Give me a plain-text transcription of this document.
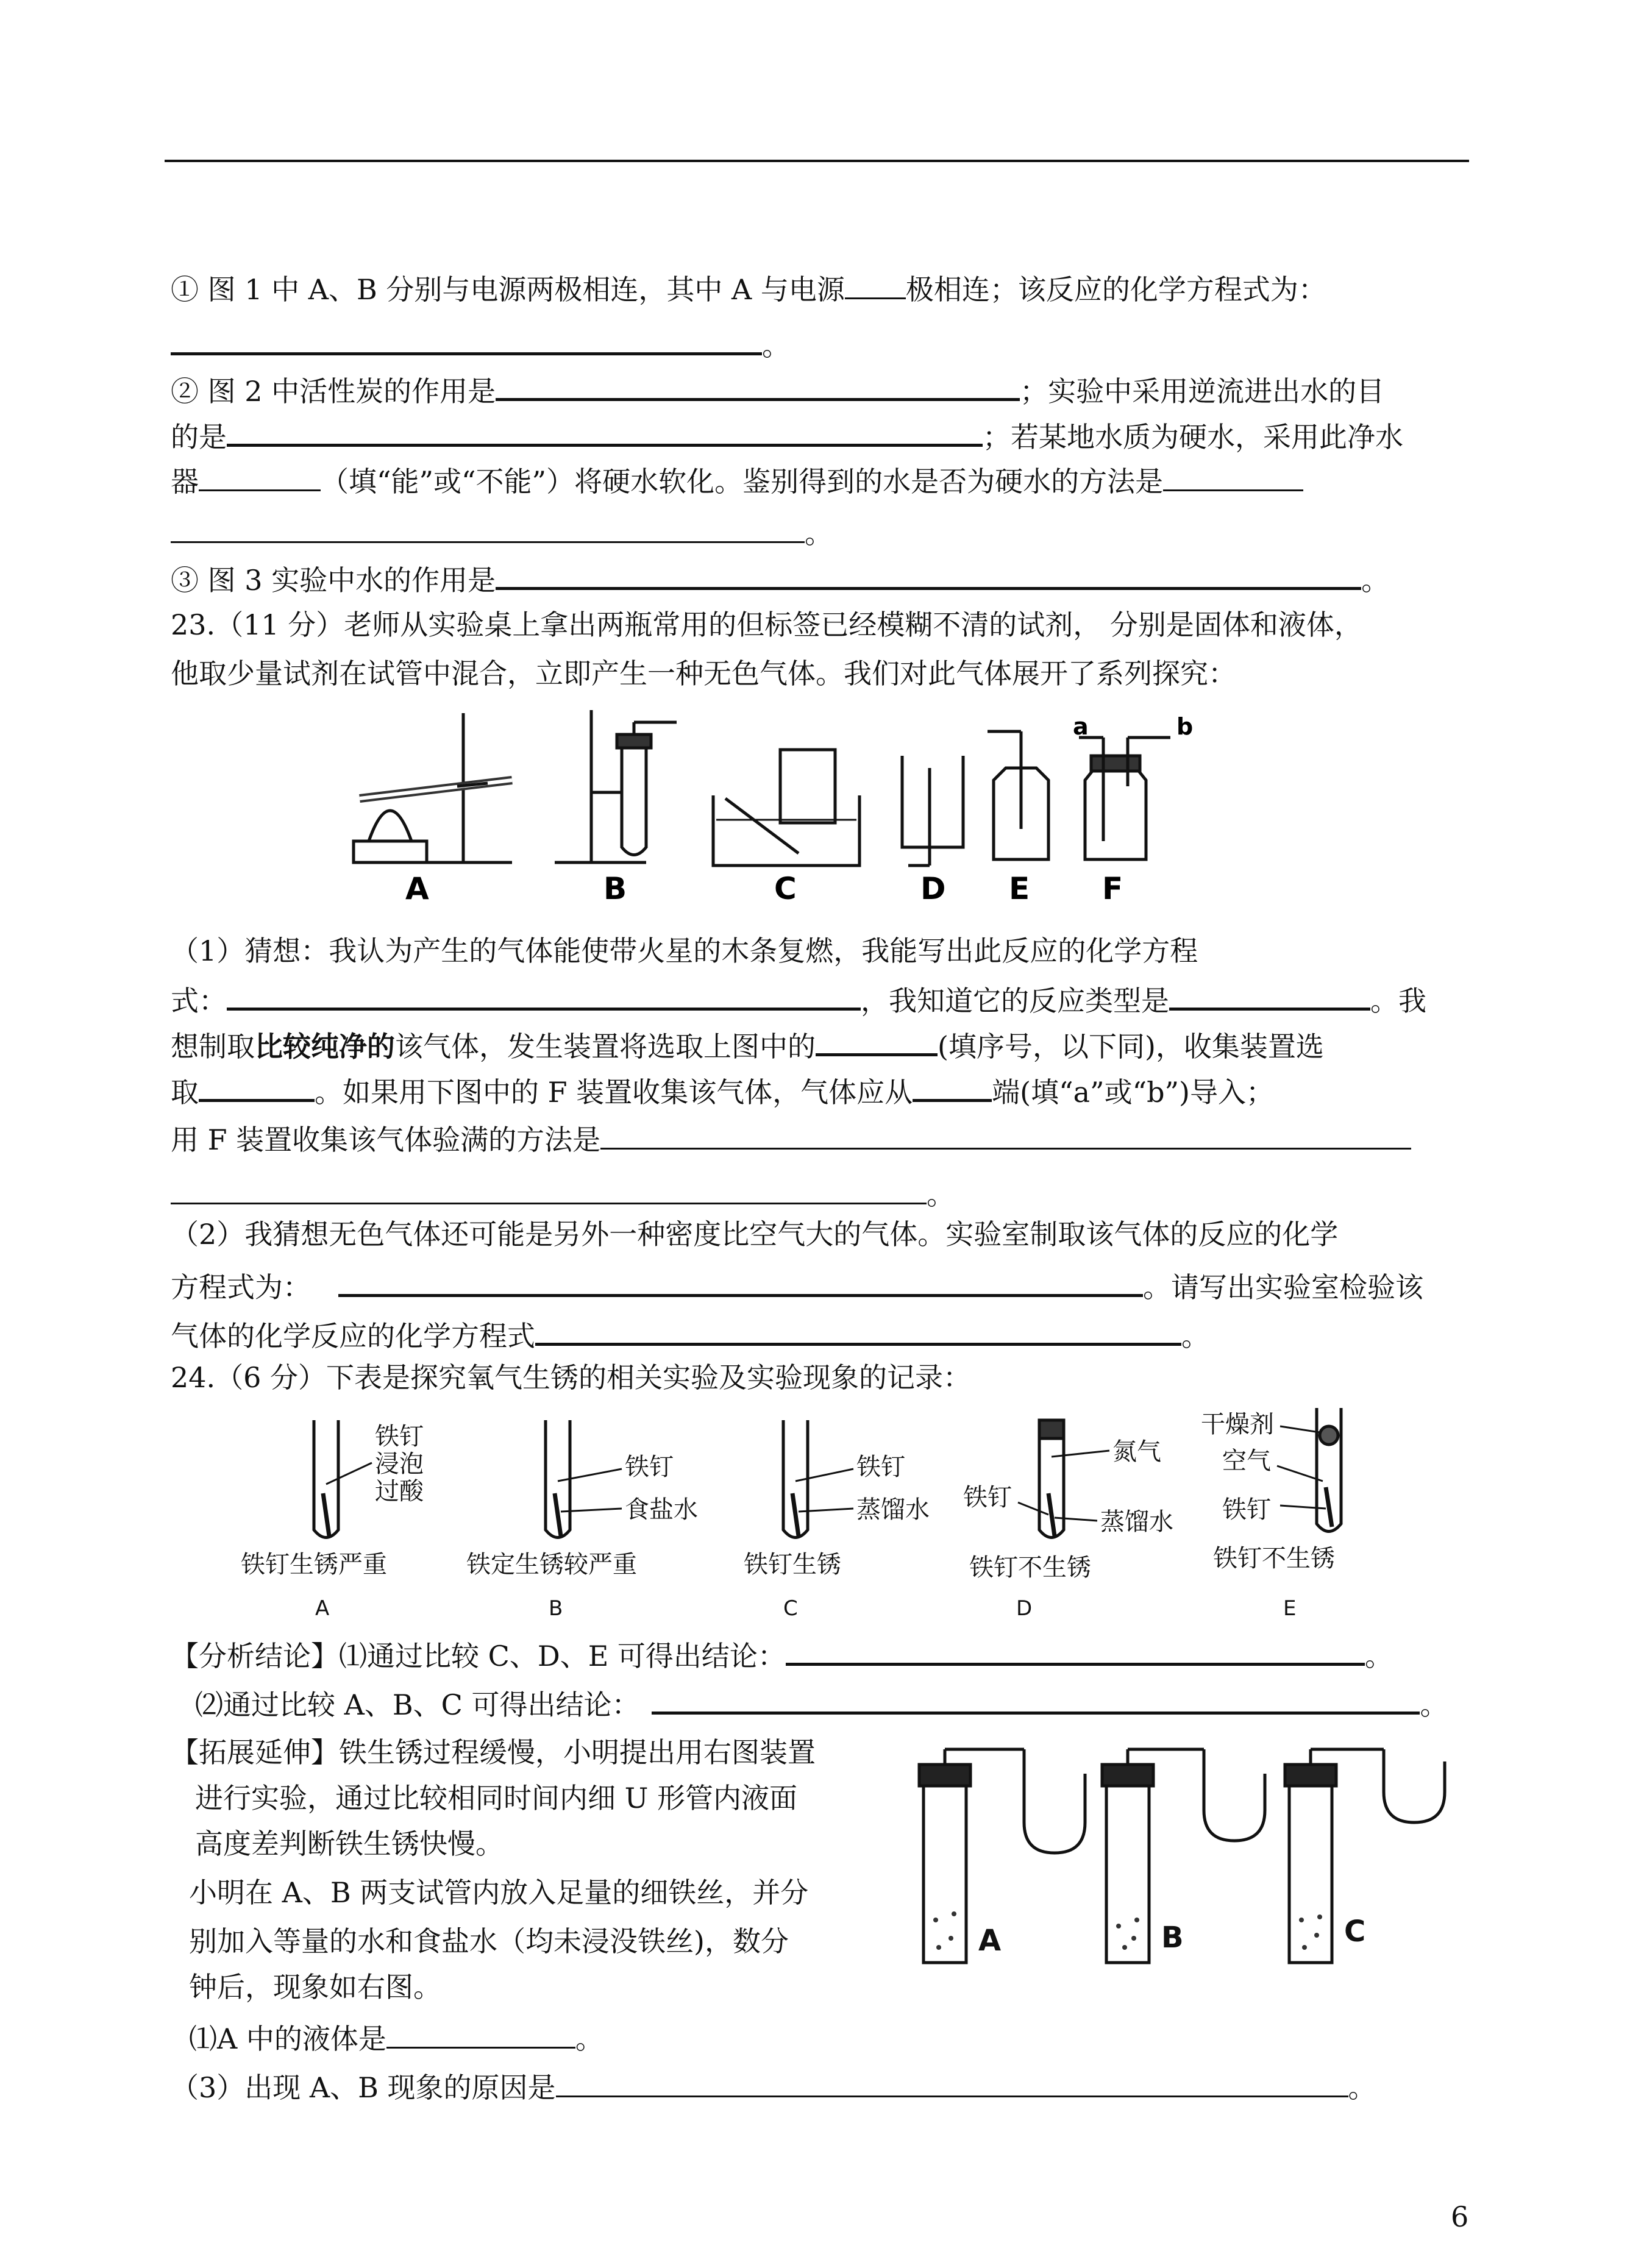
① 图 1 中 A、B 分别与电源两极相连，其中 A 与电源 极相连；该反应的化学方程式为：
。
② 图 2 中活性炭的作用是	；实验中采用逆流进出水的目
的是	；若某地水质为硬水，采用此净水
器	（填“能”或“不能”）将硬水软化。鉴别得到的水是否为硬水的方法是
。
③ 图 3 实验中水的作用是	。
23.（11 分）老师从实验桌上拿出两瓶常用的但标签已经模糊不清的试剂， 分别是固体和液体，
他取少量试剂在试管中混合，立即产生一种无色气体。我们对此气体展开了系列探究：
a	b
A	B	C	D E F
（1）猜想：我认为产生的气体能使带火星的木条复燃，我能写出此反应的化学方程
式：	，我知道它的反应类型是	。我
想制取比较纯净的该气体，发生装置将选取上图中的	(填序号，以下同)，收集装置选
取	。如果用下图中的 F 装置收集该气体，气体应从	端(填“a”或“b”)导入；
用 F 装置收集该气体验满的方法是
。
（2）我猜想无色气体还可能是另外一种密度比空气大的气体。实验室制取该气体的反应的化学
方程式为：	。请写出实验室检验该
气体的化学反应的化学方程式	。
24.（6 分）下表是探究氧气生锈的相关实验及实验现象的记录：
铁钉
浸泡
过酸
铁钉
食盐水
铁钉
蒸馏水 铁钉
氮气
蒸馏水
干燥剂
空气
铁钉
铁钉生锈严重	铁定生锈较严重	铁钉生锈	铁钉不生锈	铁钉不生锈
A	B	C	D	E
【分析结论】⑴通过比较 C、D、E 可得出结论：	。
⑵通过比较 A、B、C 可得出结论：	。
【拓展延伸】铁生锈过程缓慢，小明提出用右图装置
进行实验，通过比较相同时间内细 U 形管内液面
高度差判断铁生锈快慢。
小明在 A、B 两支试管内放入足量的细铁丝，并分
别加入等量的水和食盐水（均未浸没铁丝)，数分
钟后，现象如右图。
⑴A 中的液体是	。
（3）出现 A、B 现象的原因是	。
A	B	C
6
